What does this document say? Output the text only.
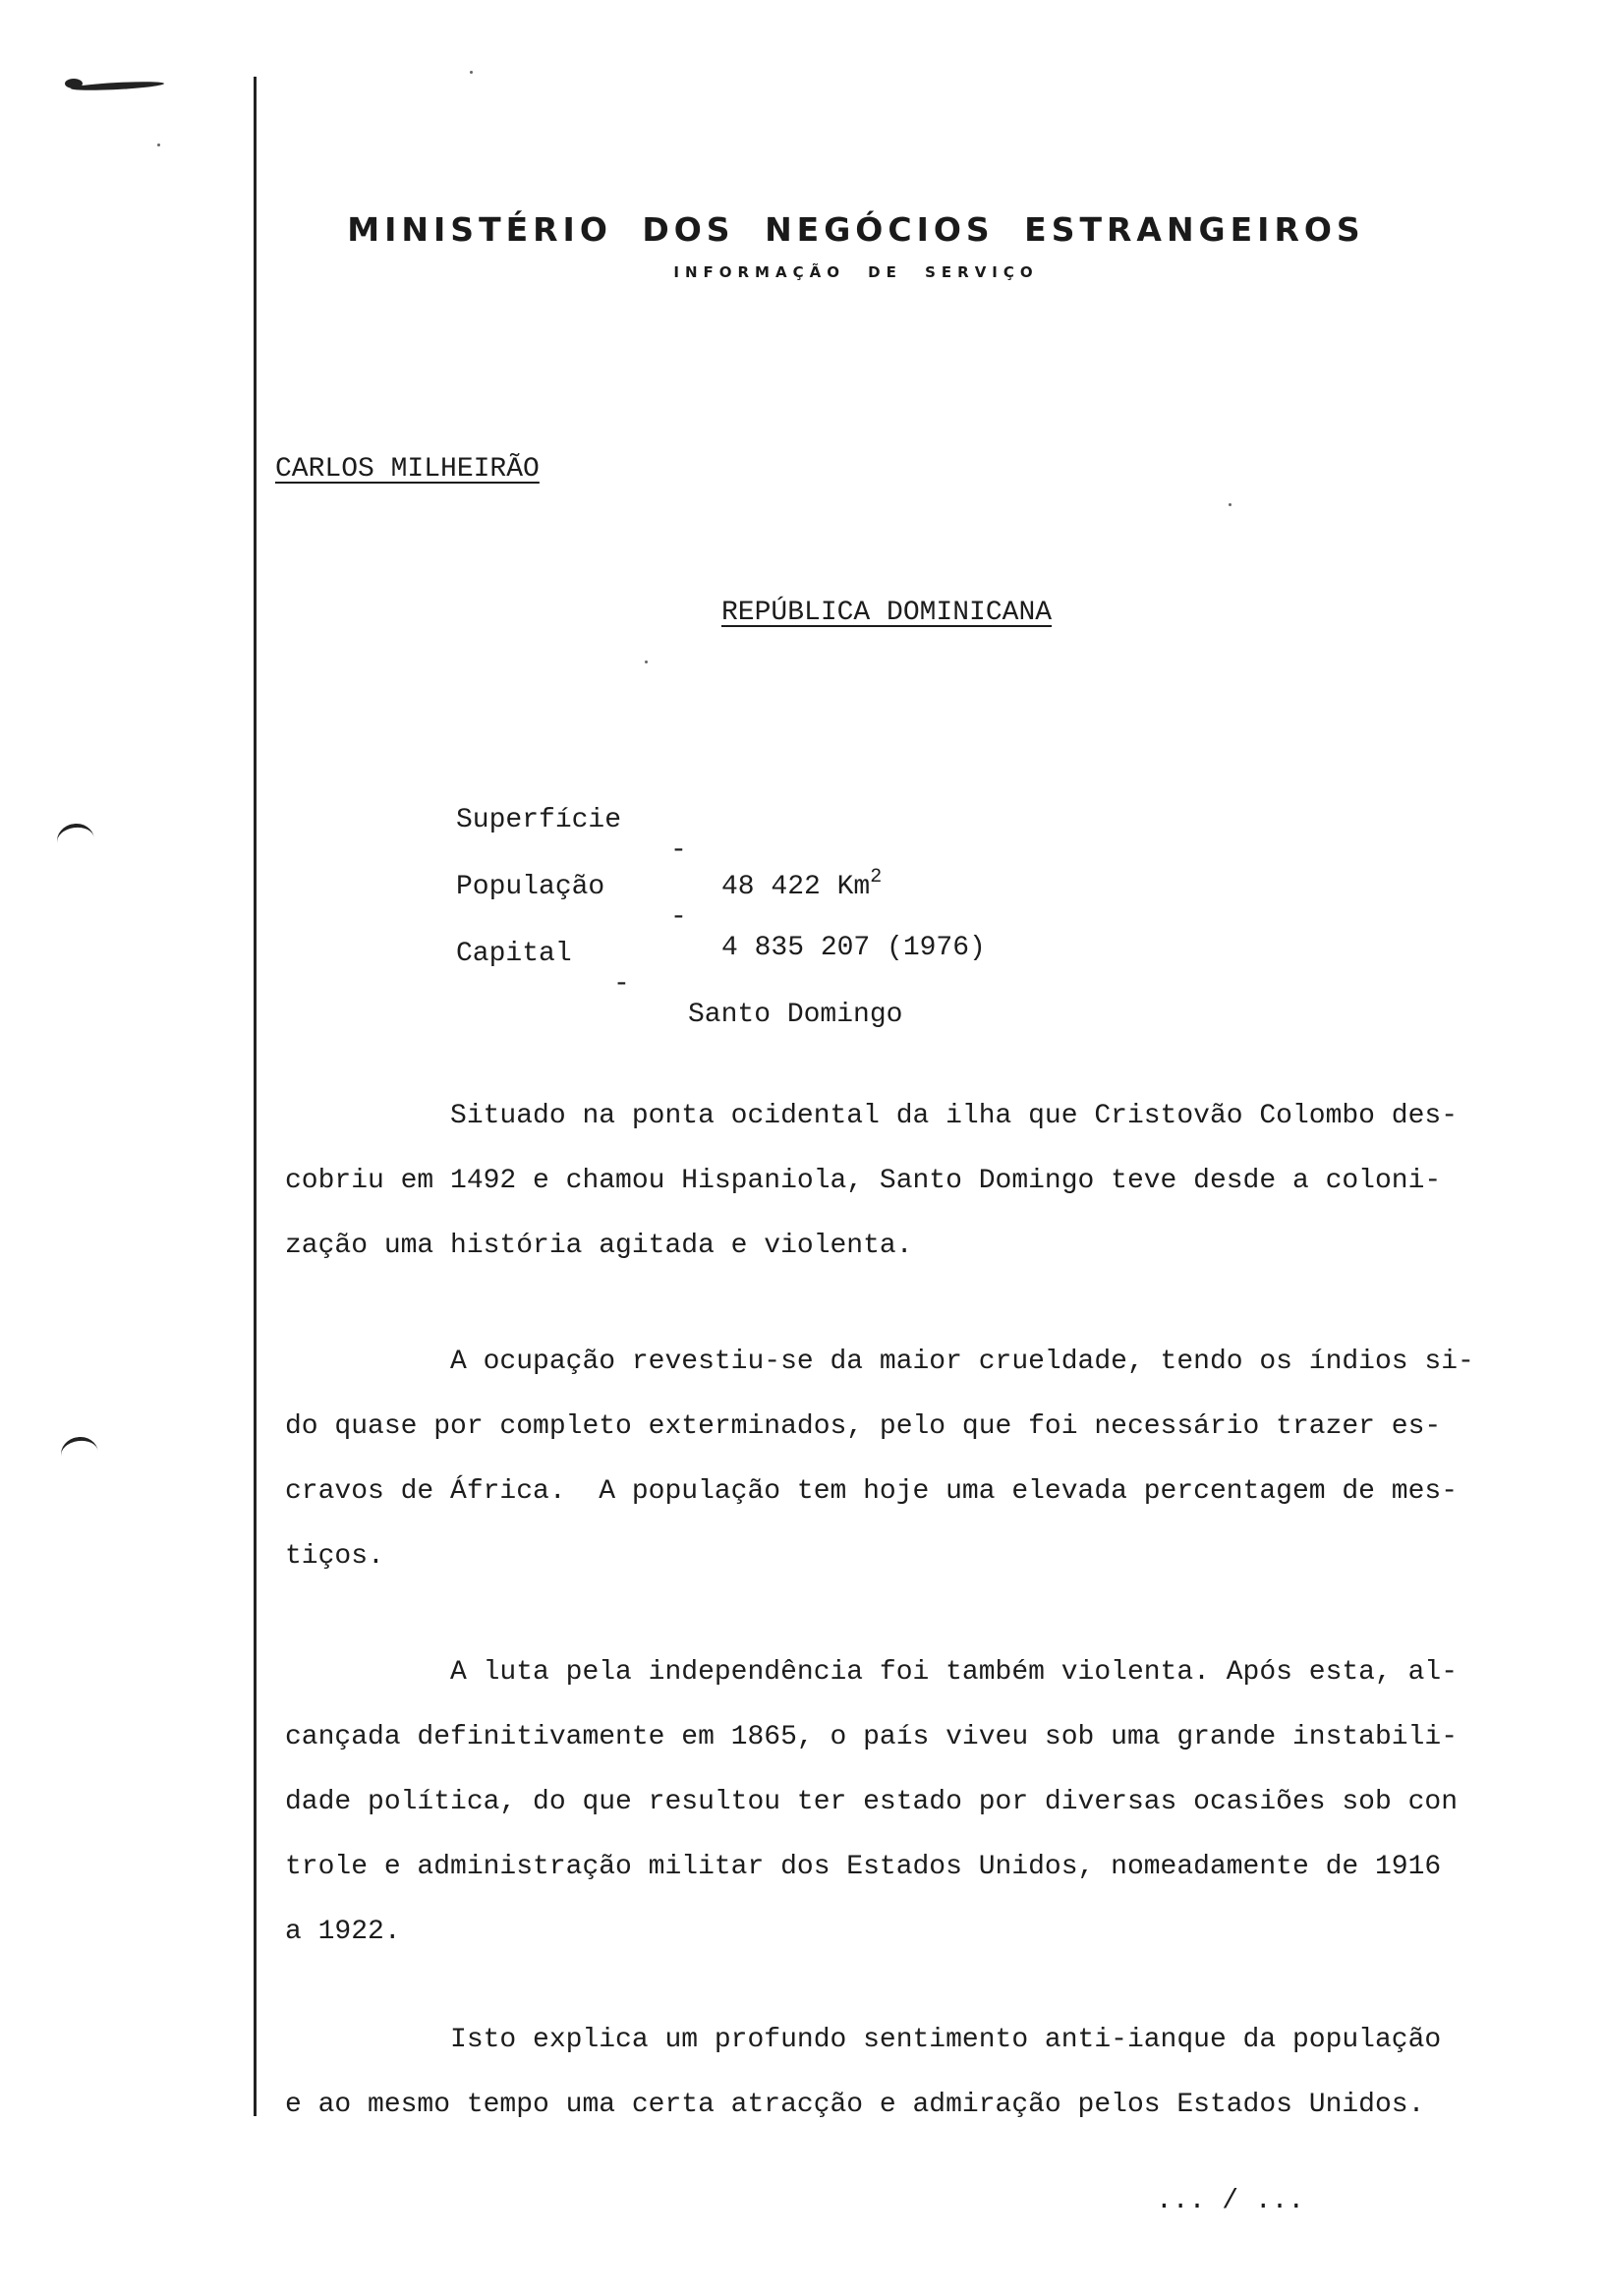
MINISTÉRIO DOS NEGÓCIOS ESTRANGEIROS
INFORMAÇÃO DE SERVIÇO
CARLOS MILHEIRÃO
REPÚBLICA DOMINICANA

Superfície

-

48 422 Km$^2$

População

-

4 835 207 (1976)

Capital

-

Santo Domingo

Situado na ponta ocidental da ilha que Cristovão Colombo des-
cobriu em 1492 e chamou Hispaniola, Santo Domingo teve desde a coloni-
zação uma história agitada e violenta.
A ocupação revestiu-se da maior crueldade, tendo os índios si-
do quase por completo exterminados, pelo que foi necessário trazer es-
cravos de África.  A população tem hoje uma elevada percentagem de mes-
tiços.
A luta pela independência foi também violenta. Após esta, al-
cançada definitivamente em 1865, o país viveu sob uma grande instabili-
dade política, do que resultou ter estado por diversas ocasiões sob con
trole e administração militar dos Estados Unidos, nomeadamente de 1916
a 1922.
Isto explica um profundo sentimento anti-ianque da população
e ao mesmo tempo uma certa atracção e admiração pelos Estados Unidos.
... / ...
